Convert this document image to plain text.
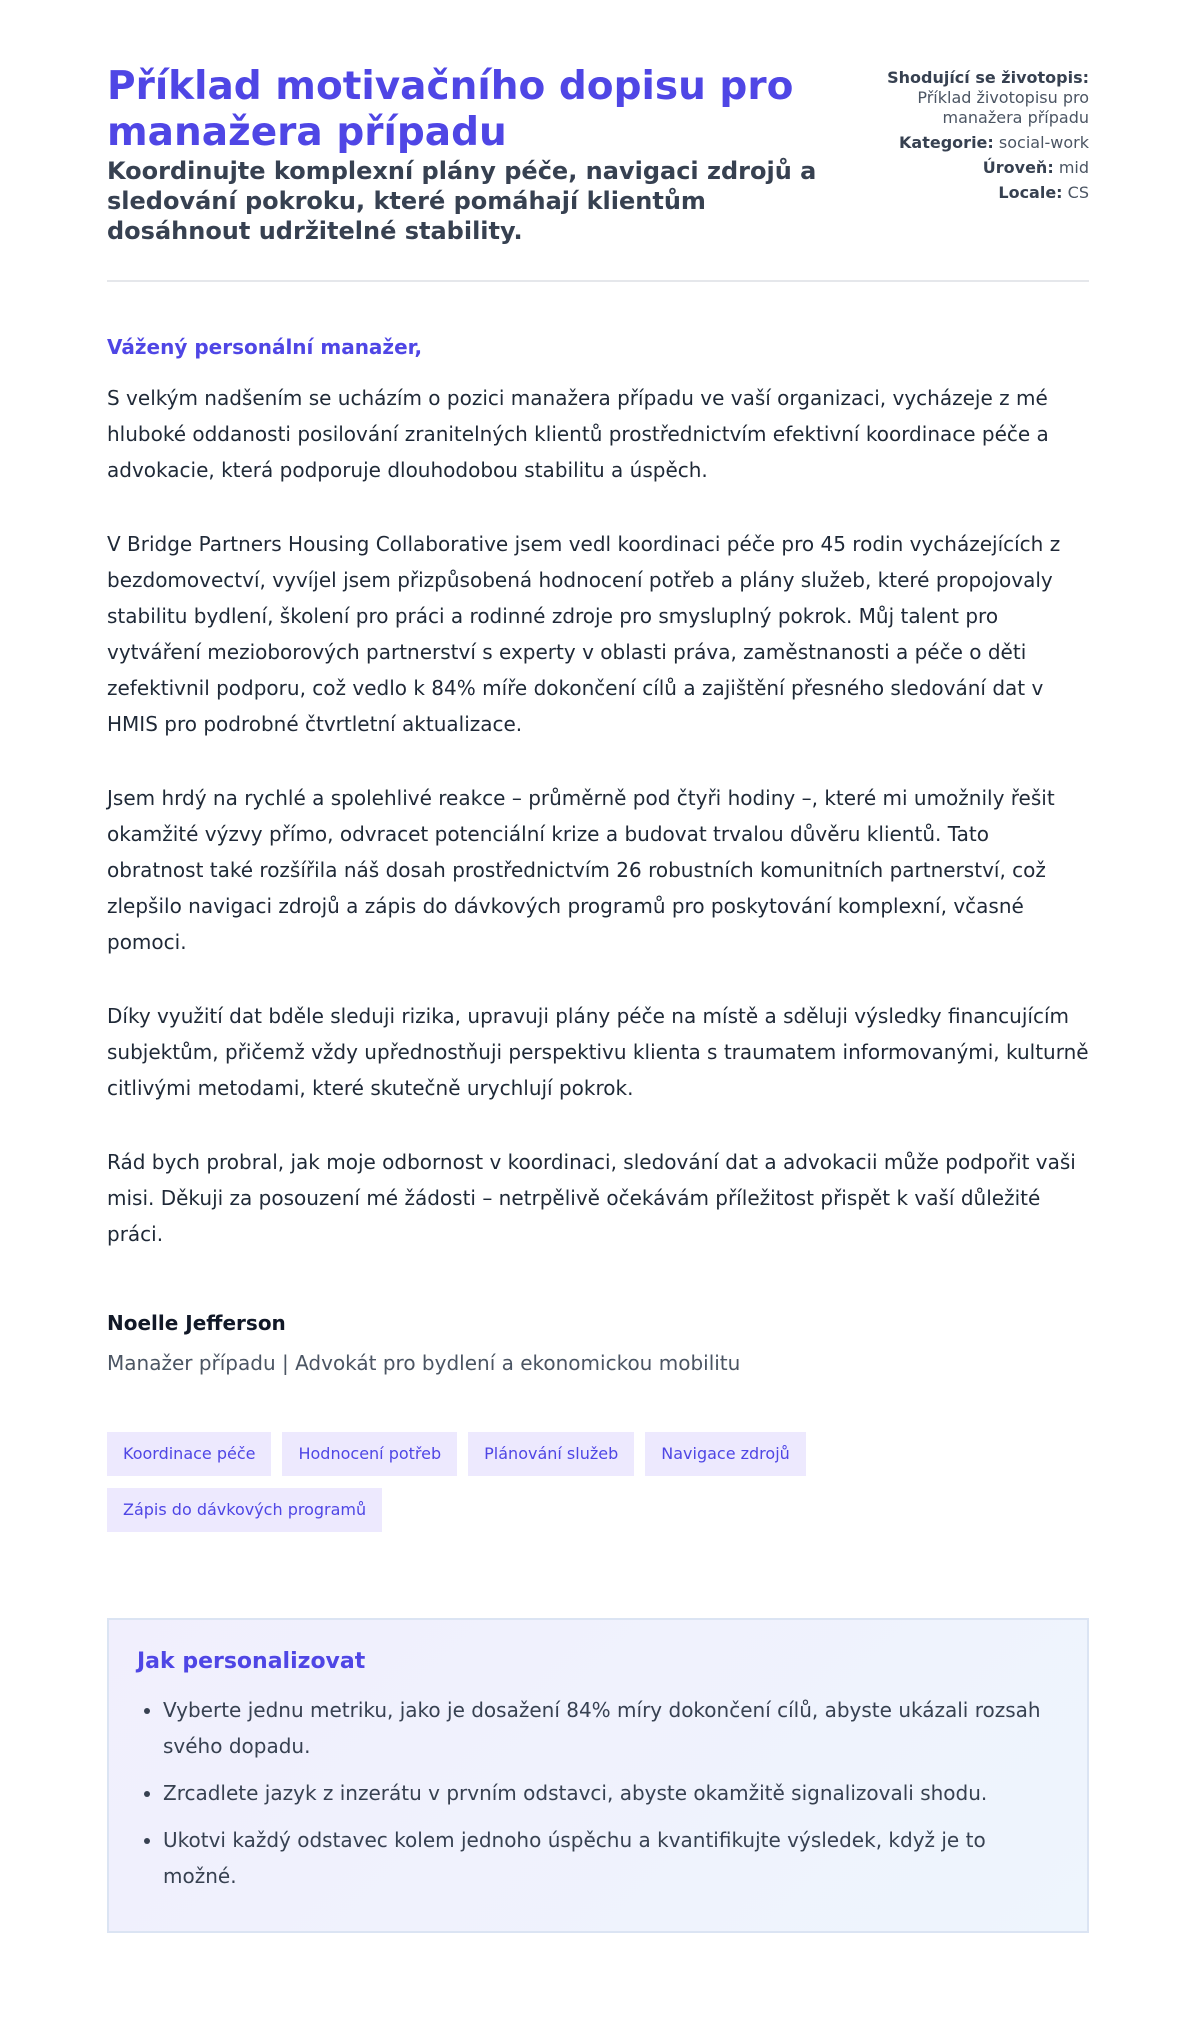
Příklad motivačního dopisu pro manažera případu
Koordinujte komplexní plány péče, navigaci zdrojů a sledování pokroku, které pomáhají klientům dosáhnout udržitelné stability.
Shodující se životopis:
Příklad životopisu pro manažera případu
Kategorie: social-work
Úroveň: mid
Locale: CS
Vážený personální manažer,

S velkým nadšením se ucházím o pozici manažera případu ve vaší organizaci, vycházeje z mé hluboké oddanosti posilování zranitelných klientů prostřednictvím efektivní koordinace péče a advokacie, která podporuje dlouhodobou stabilitu a úspěch.

V Bridge Partners Housing Collaborative jsem vedl koordinaci péče pro 45 rodin vycházejících z bezdomovectví, vyvíjel jsem přizpůsobená hodnocení potřeb a plány služeb, které propojovaly stabilitu bydlení, školení pro práci a rodinné zdroje pro smysluplný pokrok. Můj talent pro vytváření mezioborových partnerství s experty v oblasti práva, zaměstnanosti a péče o děti zefektivnil podporu, což vedlo k 84% míře dokončení cílů a zajištění přesného sledování dat v HMIS pro podrobné čtvrtletní aktualizace.

Jsem hrdý na rychlé a spolehlivé reakce – průměrně pod čtyři hodiny –, které mi umožnily řešit okamžité výzvy přímo, odvracet potenciální krize a budovat trvalou důvěru klientů. Tato obratnost také rozšířila náš dosah prostřednictvím 26 robustních komunitních partnerství, což zlepšilo navigaci zdrojů a zápis do dávkových programů pro poskytování komplexní, včasné pomoci.

Díky využití dat bděle sleduji rizika, upravuji plány péče na místě a sděluji výsledky financujícím subjektům, přičemž vždy upřednostňuji perspektivu klienta s traumatem informovanými, kulturně citlivými metodami, které skutečně urychlují pokrok.

Rád bych probral, jak moje odbornost v koordinaci, sledování dat a advokacii může podpořit vaši misi. Děkuji za posouzení mé žádosti – netrpělivě očekávám příležitost přispět k vaší důležité práci.

Noelle Jefferson
Manažer případu | Advokát pro bydlení a ekonomickou mobilitu
Koordinace péče	Hodnocení potřeb	Plánování služeb	Navigace zdrojů
Zápis do dávkových programů
Jak personalizovat
• Vyberte jednu metriku, jako je dosažení 84% míry dokončení cílů, abyste ukázali rozsah svého dopadu.
• Zrcadlete jazyk z inzerátu v prvním odstavci, abyste okamžitě signalizovali shodu.
• Ukotvi každý odstavec kolem jednoho úspěchu a kvantifikujte výsledek, když je to možné.
